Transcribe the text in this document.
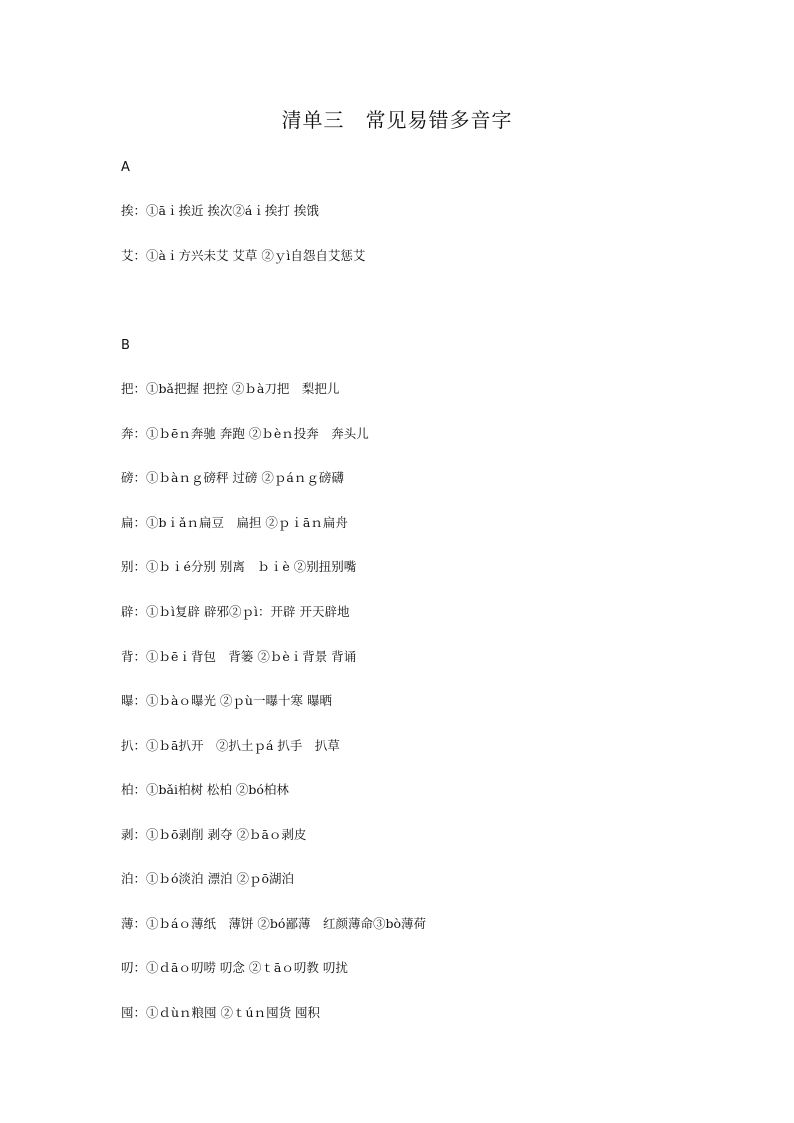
清单三　常见易错多音字
A

挨：①āｉ挨近 挨次②áｉ挨打 挨饿

艾：①àｉ方兴未艾 艾草 ②ｙì自怨自艾惩艾

B

把：①bǎ把握 把控 ②ｂà刀把　梨把儿

奔：①ｂēｎ奔驰 奔跑 ②ｂèｎ投奔　奔头儿

磅：①ｂàｎｇ磅秤 过磅 ②ｐáｎｇ磅礴

扁：①bｉǎｎ扁豆　扁担 ②ｐｉāｎ扁舟

别：①ｂｉé分别 别离　ｂｉè ②别扭别嘴

辟：①ｂì复辟 辟邪②ｐì：开辟 开天辟地

背：①ｂēｉ背包　背篓 ②ｂèｉ背景 背诵

曝：①ｂàｏ曝光 ②ｐù一曝十寒 曝晒

扒：①ｂā扒开　②扒土ｐá 扒手　扒草

柏：①bǎi柏树 松柏 ②bó柏林

剥：①ｂō剥削 剥夺 ②ｂāｏ剥皮

泊：①ｂó淡泊 漂泊 ②ｐō湖泊

薄：①ｂáｏ薄纸　薄饼 ②bó鄙薄　红颜薄命③bò薄荷

叨：①ｄāｏ叨唠 叨念 ②ｔāｏ叨教 叨扰

囤：①ｄùｎ粮囤 ②ｔúｎ囤货 囤积
